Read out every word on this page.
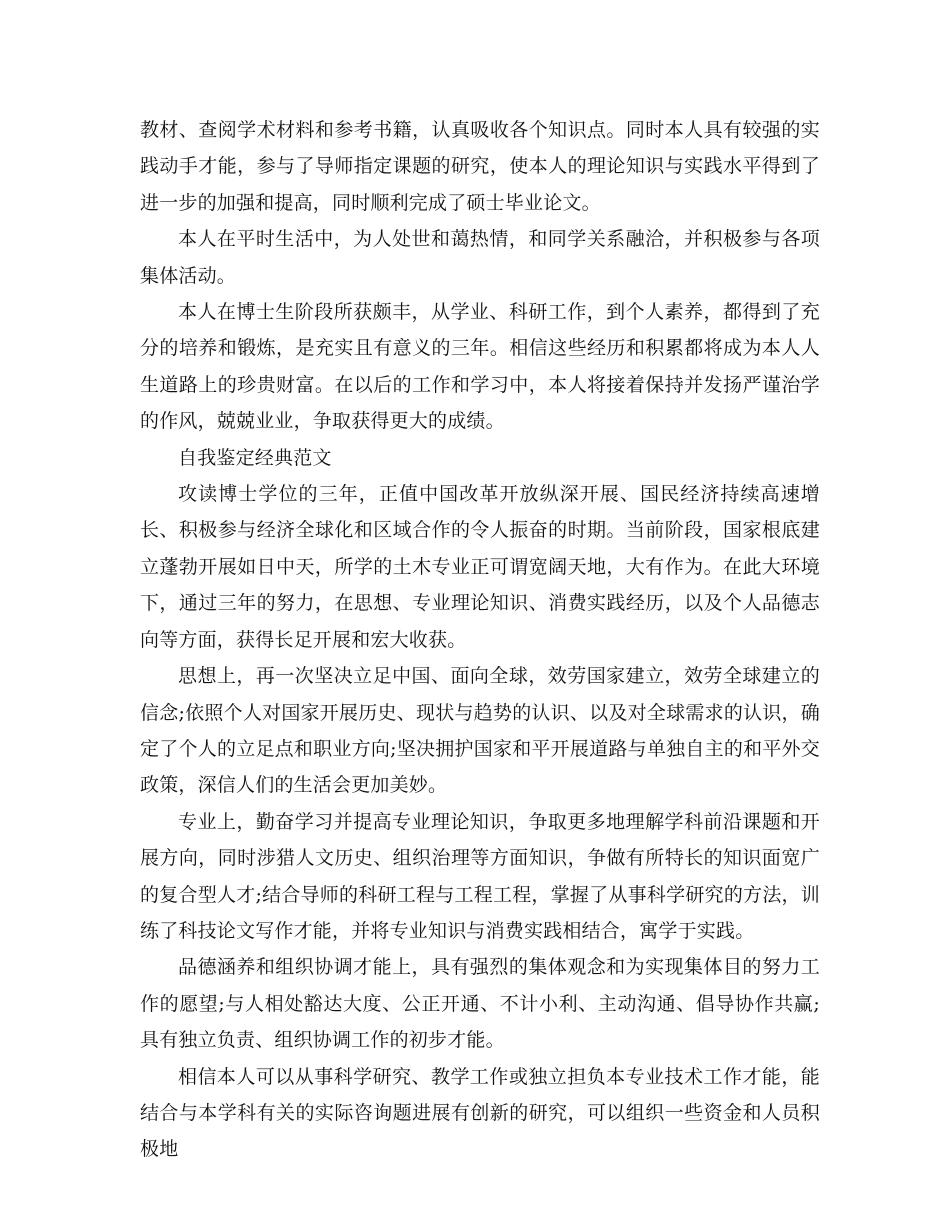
教材、查阅学术材料和参考书籍，认真吸收各个知识点。同时本人具有较强的实践动手才能，参与了导师指定课题的研究，使本人的理论知识与实践水平得到了进一步的加强和提高，同时顺利完成了硕士毕业论文。

本人在平时生活中，为人处世和蔼热情，和同学关系融洽，并积极参与各项集体活动。

本人在博士生阶段所获颇丰，从学业、科研工作，到个人素养，都得到了充分的培养和锻炼，是充实且有意义的三年。相信这些经历和积累都将成为本人人生道路上的珍贵财富。在以后的工作和学习中，本人将接着保持并发扬严谨治学的作风，兢兢业业，争取获得更大的成绩。

自我鉴定经典范文

攻读博士学位的三年，正值中国改革开放纵深开展、国民经济持续高速增长、积极参与经济全球化和区域合作的令人振奋的时期。当前阶段，国家根底建立蓬勃开展如日中天，所学的土木专业正可谓宽阔天地，大有作为。在此大环境下，通过三年的努力，在思想、专业理论知识、消费实践经历，以及个人品德志向等方面，获得长足开展和宏大收获。

思想上，再一次坚决立足中国、面向全球，效劳国家建立，效劳全球建立的信念;依照个人对国家开展历史、现状与趋势的认识、以及对全球需求的认识，确定了个人的立足点和职业方向;坚决拥护国家和平开展道路与单独自主的和平外交政策，深信人们的生活会更加美妙。

专业上，勤奋学习并提高专业理论知识，争取更多地理解学科前沿课题和开展方向，同时涉猎人文历史、组织治理等方面知识，争做有所特长的知识面宽广的复合型人才;结合导师的科研工程与工程工程，掌握了从事科学研究的方法，训练了科技论文写作才能，并将专业知识与消费实践相结合，寓学于实践。

品德涵养和组织协调才能上，具有强烈的集体观念和为实现集体目的努力工作的愿望;与人相处豁达大度、公正开通、不计小利、主动沟通、倡导协作共赢;具有独立负责、组织协调工作的初步才能。

相信本人可以从事科学研究、教学工作或独立担负本专业技术工作才能，能结合与本学科有关的实际咨询题进展有创新的研究，可以组织一些资金和人员积极地
